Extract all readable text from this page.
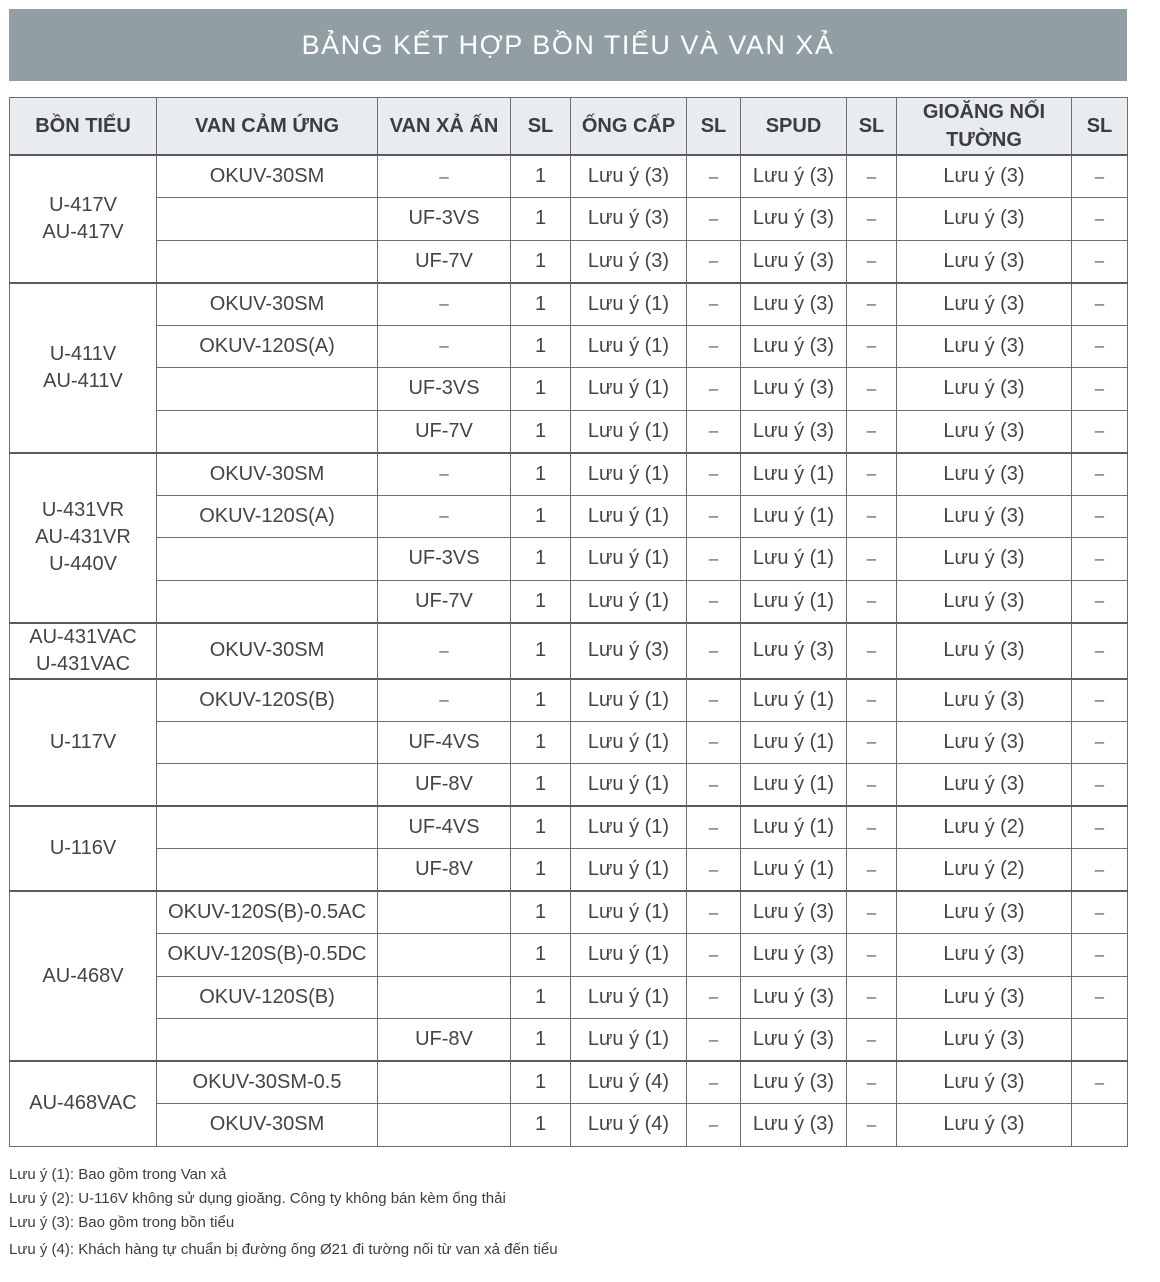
BẢNG KẾT HỢP BỒN TIỂU VÀ VAN XẢ
BỒN TIỂU	VAN CẢM ỨNG	VAN XẢ ẤN	SL	ỐNG CẤP	SL	SPUD	SL	GIOĂNG NỐI TƯỜNG	SL

U-417V
AU-417V	OKUV-30SM	–	1	Lưu ý (3)	–	Lưu ý (3)	–	Lưu ý (3)	–
		UF-3VS	1	Lưu ý (3)	–	Lưu ý (3)	–	Lưu ý (3)	–
		UF-7V	1	Lưu ý (3)	–	Lưu ý (3)	–	Lưu ý (3)	–

U-411V
AU-411V	OKUV-30SM	–	1	Lưu ý (1)	–	Lưu ý (3)	–	Lưu ý (3)	–
	OKUV-120S(A)	–	1	Lưu ý (1)	–	Lưu ý (3)	–	Lưu ý (3)	–
		UF-3VS	1	Lưu ý (1)	–	Lưu ý (3)	–	Lưu ý (3)	–
		UF-7V	1	Lưu ý (1)	–	Lưu ý (3)	–	Lưu ý (3)	–

U-431VR
AU-431VR
U-440V	OKUV-30SM	–	1	Lưu ý (1)	–	Lưu ý (1)	–	Lưu ý (3)	–
	OKUV-120S(A)	–	1	Lưu ý (1)	–	Lưu ý (1)	–	Lưu ý (3)	–
		UF-3VS	1	Lưu ý (1)	–	Lưu ý (1)	–	Lưu ý (3)	–
		UF-7V	1	Lưu ý (1)	–	Lưu ý (1)	–	Lưu ý (3)	–

AU-431VAC
U-431VAC	OKUV-30SM	–	1	Lưu ý (3)	–	Lưu ý (3)	–	Lưu ý (3)	–

U-117V	OKUV-120S(B)	–	1	Lưu ý (1)	–	Lưu ý (1)	–	Lưu ý (3)	–
		UF-4VS	1	Lưu ý (1)	–	Lưu ý (1)	–	Lưu ý (3)	–
		UF-8V	1	Lưu ý (1)	–	Lưu ý (1)	–	Lưu ý (3)	–

U-116V		UF-4VS	1	Lưu ý (1)	–	Lưu ý (1)	–	Lưu ý (2)	–
		UF-8V	1	Lưu ý (1)	–	Lưu ý (1)	–	Lưu ý (2)	–

AU-468V	OKUV-120S(B)-0.5AC		1	Lưu ý (1)	–	Lưu ý (3)	–	Lưu ý (3)	–
	OKUV-120S(B)-0.5DC		1	Lưu ý (1)	–	Lưu ý (3)	–	Lưu ý (3)	–
	OKUV-120S(B)		1	Lưu ý (1)	–	Lưu ý (3)	–	Lưu ý (3)	–
		UF-8V	1	Lưu ý (1)	–	Lưu ý (3)	–	Lưu ý (3)	

AU-468VAC	OKUV-30SM-0.5		1	Lưu ý (4)	–	Lưu ý (3)	–	Lưu ý (3)	–
	OKUV-30SM		1	Lưu ý (4)	–	Lưu ý (3)	–	Lưu ý (3)	
Lưu ý (1): Bao gồm trong Van xả
Lưu ý (2): U-116V không sử dụng gioăng. Công ty không bán kèm ống thải
Lưu ý (3): Bao gồm trong bồn tiểu
Lưu ý (4): Khách hàng tự chuẩn bị đường ống Ø21 đi tường nối từ van xả đến tiểu
